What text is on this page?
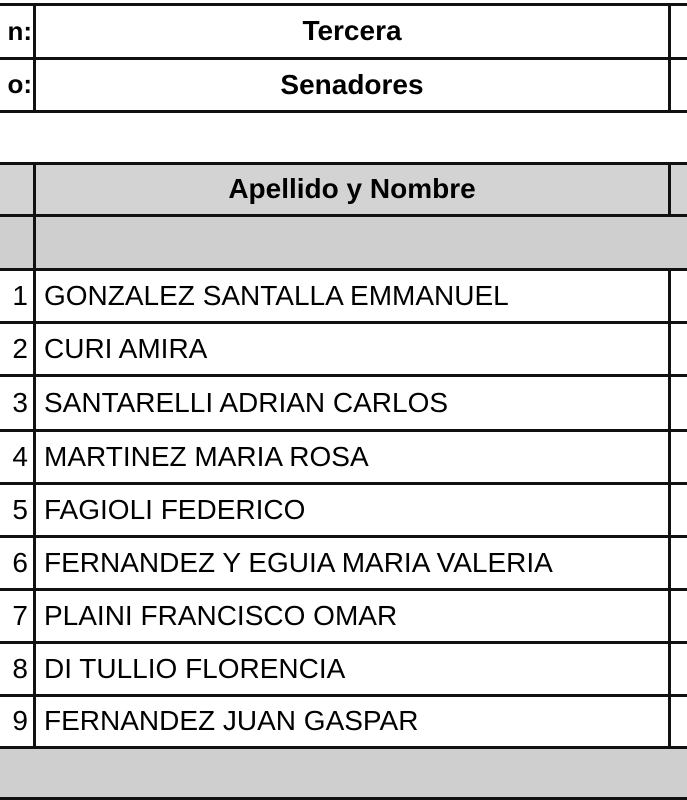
n:	Tercera
o:	Senadores
Apellido y Nombre
1 GONZALEZ SANTALLA EMMANUEL
2 CURI AMIRA
3 SANTARELLI ADRIAN CARLOS
4 MARTINEZ MARIA ROSA
5 FAGIOLI FEDERICO
6 FERNANDEZ Y EGUIA MARIA VALERIA
7 PLAINI FRANCISCO OMAR
8 DI TULLIO FLORENCIA
9 FERNANDEZ JUAN GASPAR
